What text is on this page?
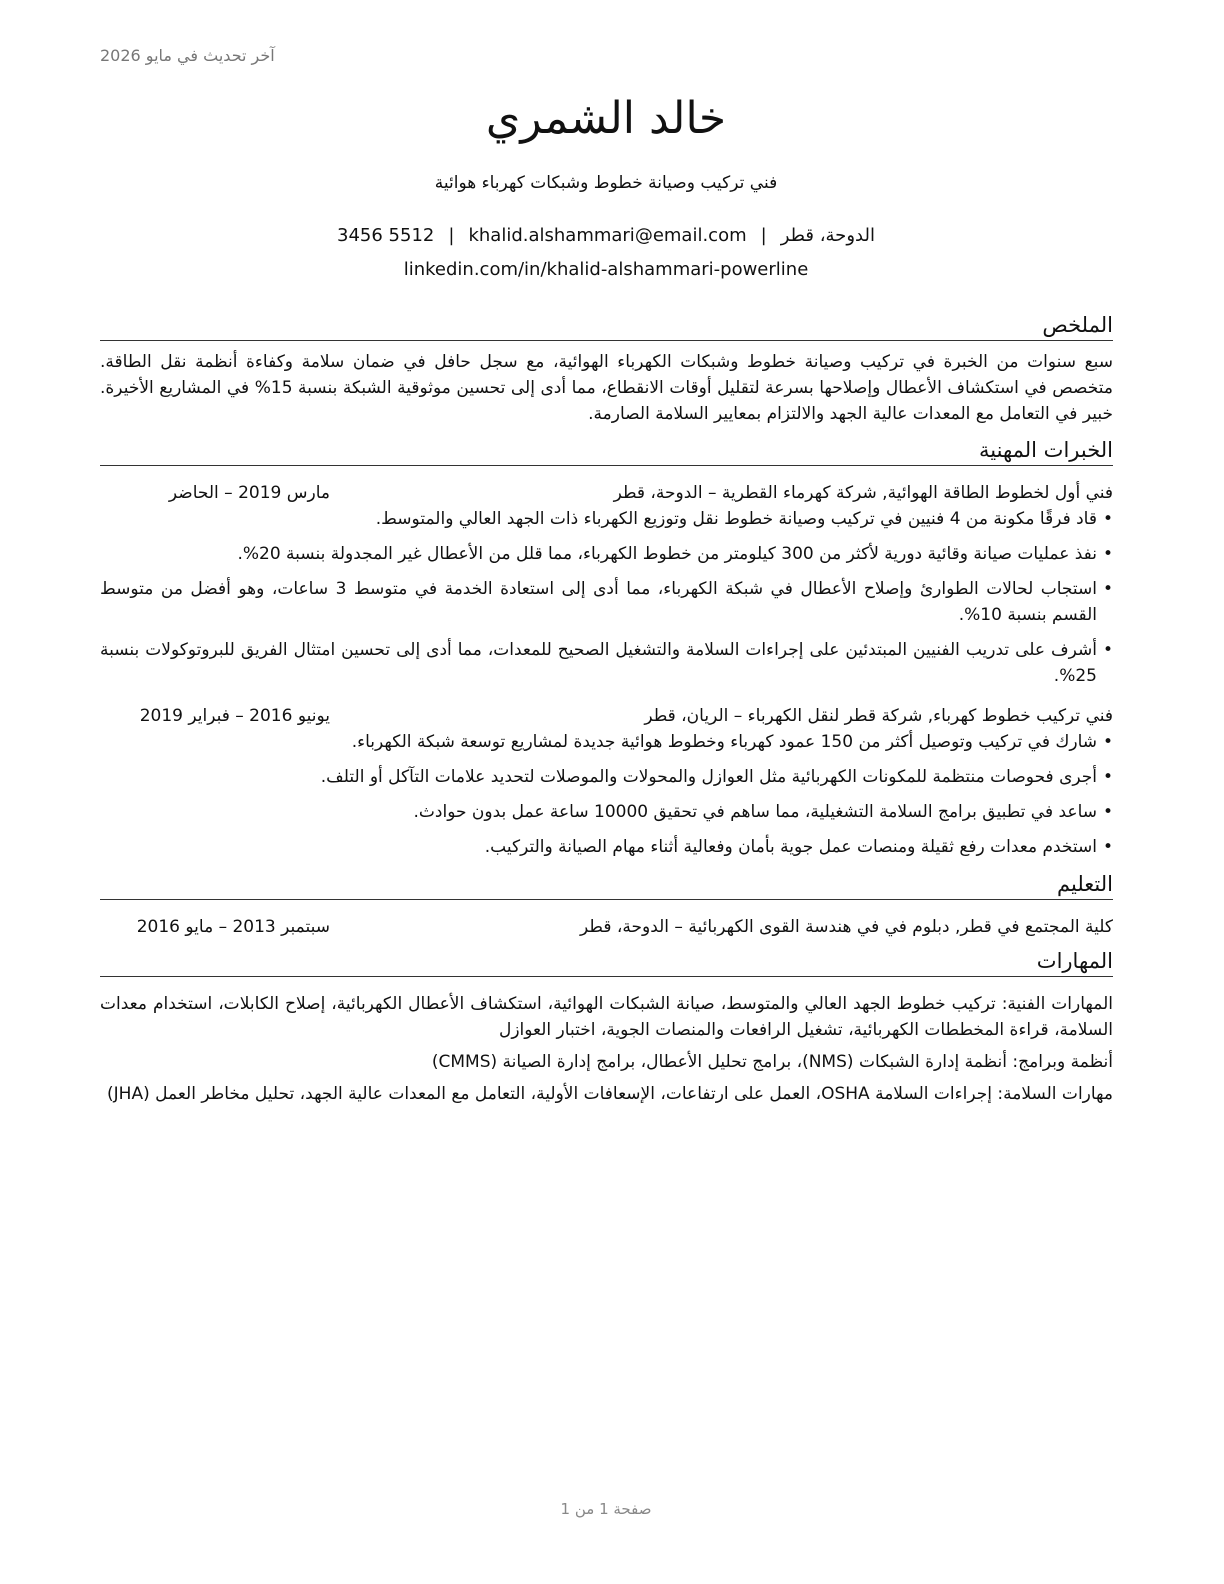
آخر تحديث في مايو 2026
خالد الشمري
فني تركيب وصيانة خطوط وشبكات كهرباء هوائية
الدوحة، قطر|khalid.alshammari@email.com|3456 5512
linkedin.com/in/khalid-alshammari-powerline
الملخص

سبع سنوات من الخبرة في تركيب وصيانة خطوط وشبكات الكهرباء الهوائية، مع سجل حافل في ضمان سلامة وكفاءة أنظمة نقل الطاقة. متخصص في استكشاف الأعطال وإصلاحها بسرعة لتقليل أوقات الانقطاع، مما أدى إلى تحسين موثوقية الشبكة بنسبة 15% في المشاريع الأخيرة. خبير في التعامل مع المعدات عالية الجهد والالتزام بمعايير السلامة الصارمة.

الخبرات المهنية
فني أول لخطوط الطاقة الهوائية, شركة كهرماء القطرية – الدوحة، قطر
مارس 2019 – الحاضر
• قاد فرقًا مكونة من 4 فنيين في تركيب وصيانة خطوط نقل وتوزيع الكهرباء ذات الجهد العالي والمتوسط.
• نفذ عمليات صيانة وقائية دورية لأكثر من 300 كيلومتر من خطوط الكهرباء، مما قلل من الأعطال غير المجدولة بنسبة 20%.
• استجاب لحالات الطوارئ وإصلاح الأعطال في شبكة الكهرباء، مما أدى إلى استعادة الخدمة في متوسط 3 ساعات، وهو أفضل من متوسط القسم بنسبة 10%.
• أشرف على تدريب الفنيين المبتدئين على إجراءات السلامة والتشغيل الصحيح للمعدات، مما أدى إلى تحسين امتثال الفريق للبروتوكولات بنسبة 25%.
فني تركيب خطوط كهرباء, شركة قطر لنقل الكهرباء – الريان، قطر
يونيو 2016 – فبراير 2019
• شارك في تركيب وتوصيل أكثر من 150 عمود كهرباء وخطوط هوائية جديدة لمشاريع توسعة شبكة الكهرباء.
• أجرى فحوصات منتظمة للمكونات الكهربائية مثل العوازل والمحولات والموصلات لتحديد علامات التآكل أو التلف.
• ساعد في تطبيق برامج السلامة التشغيلية، مما ساهم في تحقيق 10000 ساعة عمل بدون حوادث.
• استخدم معدات رفع ثقيلة ومنصات عمل جوية بأمان وفعالية أثناء مهام الصيانة والتركيب.
التعليم
كلية المجتمع في قطر, دبلوم في في هندسة القوى الكهربائية – الدوحة، قطر
سبتمبر 2013 – مايو 2016
المهارات

المهارات الفنية: تركيب خطوط الجهد العالي والمتوسط، صيانة الشبكات الهوائية، استكشاف الأعطال الكهربائية، إصلاح الكابلات، استخدام معدات السلامة، قراءة المخططات الكهربائية، تشغيل الرافعات والمنصات الجوية، اختبار العوازل

أنظمة وبرامج: أنظمة إدارة الشبكات (NMS)، برامج تحليل الأعطال، برامج إدارة الصيانة (CMMS)

مهارات السلامة: إجراءات السلامة OSHA، العمل على ارتفاعات، الإسعافات الأولية، التعامل مع المعدات عالية الجهد، تحليل مخاطر العمل (JHA)

صفحة 1 من 1
